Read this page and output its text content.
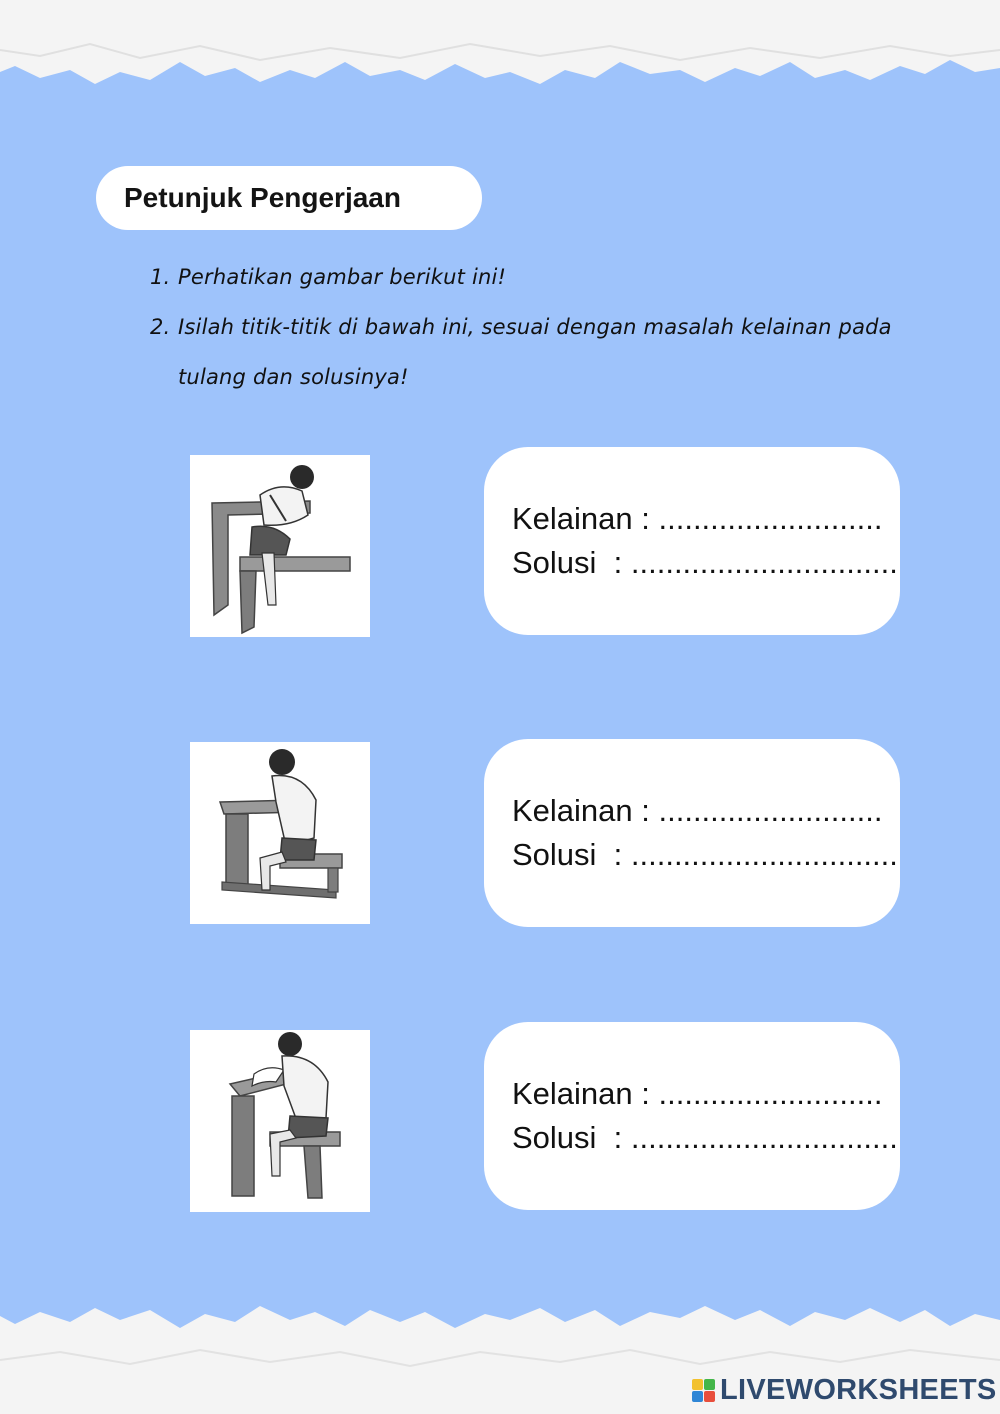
Petunjuk Pengerjaan
1. Perhatikan gambar berikut ini!
2. Isilah titik-titik di bawah ini, sesuai dengan masalah kelainan pada tulang dan solusinya!
Kelainan : ..........................
Solusi  : ...............................
Kelainan : ..........................
Solusi  : ...............................
Kelainan : ..........................
Solusi  : ...............................
LIVEWORKSHEETS
